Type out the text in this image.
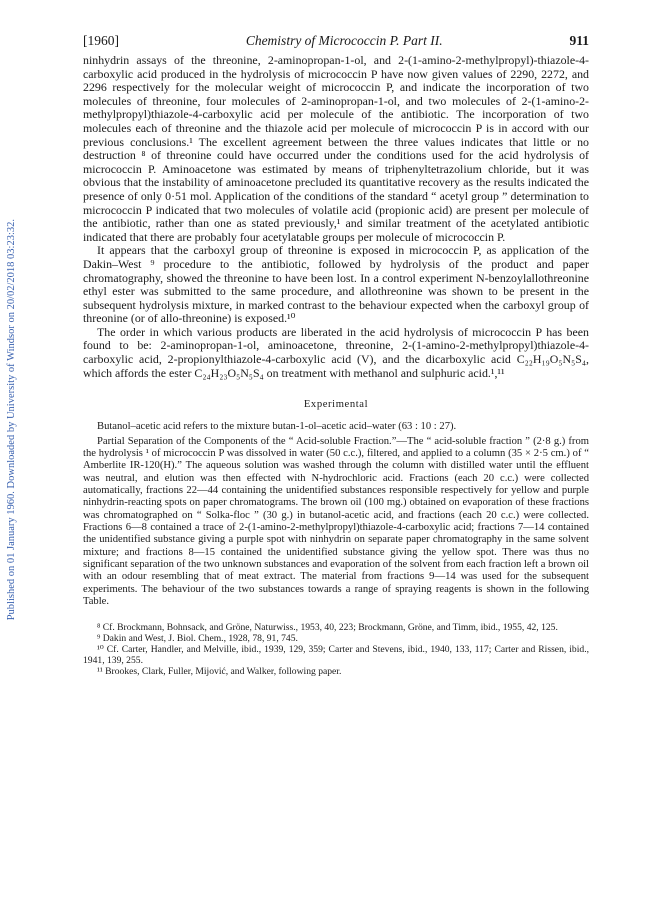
Published on 01 January 1960. Downloaded by University of Windsor on 20/02/2018 03:23:32.
[1960]	Chemistry of Micrococcin P. Part II.	911

ninhydrin assays of the threonine, 2-aminopropan-1-ol, and 2-(1-amino-2-methylpropyl)-thiazole-4-carboxylic acid produced in the hydrolysis of micrococcin P have now given values of 2290, 2272, and 2296 respectively for the molecular weight of micrococcin P, and indicate the incorporation of two molecules of threonine, four molecules of 2-aminopropan-1-ol, and two molecules of 2-(1-amino-2-methylpropyl)thiazole-4-carboxylic acid per molecule of the antibiotic. The incorporation of two molecules each of threonine and the thiazole acid per molecule of micrococcin P is in accord with our previous conclusions.¹ The excellent agreement between the three values indicates that little or no destruction ⁸ of threonine could have occurred under the conditions used for the acid hydrolysis of micrococcin P. Aminoacetone was estimated by means of triphenyltetrazolium chloride, but it was obvious that the instability of aminoacetone precluded its quantitative recovery as the results indicated the presence of only 0·51 mol. Application of the conditions of the standard “ acetyl group ” determination to micrococcin P indicated that two molecules of volatile acid (propionic acid) are present per molecule of the antibiotic, rather than one as stated previously,¹ and similar treatment of the acetylated antibiotic indicated that there are probably four acetylatable groups per molecule of micrococcin P.

It appears that the carboxyl group of threonine is exposed in micrococcin P, as application of the Dakin–West ⁹ procedure to the antibiotic, followed by hydrolysis of the product and paper chromatography, showed the threonine to have been lost. In a control experiment N-benzoylallothreonine ethyl ester was submitted to the same procedure, and allothreonine was shown to be present in the subsequent hydrolysis mixture, in marked contrast to the behaviour expected when the carboxyl group of threonine (or of allo-threonine) is exposed.¹⁰

The order in which various products are liberated in the acid hydrolysis of micrococcin P has been found to be: 2-aminopropan-1-ol, aminoacetone, threonine, 2-(1-amino-2-methylpropyl)thiazole-4-carboxylic acid, 2-propionylthiazole-4-carboxylic acid (V), and the dicarboxylic acid C₂₂H₁₉O₅N₅S₄, which affords the ester C₂₄H₂₃O₅N₅S₄ on treatment with methanol and sulphuric acid.¹,¹¹

Experimental

Butanol–acetic acid refers to the mixture butan-1-ol–acetic acid–water (63 : 10 : 27).

Partial Separation of the Components of the “ Acid-soluble Fraction.”—The “ acid-soluble fraction ” (2·8 g.) from the hydrolysis ¹ of micrococcin P was dissolved in water (50 c.c.), filtered, and applied to a column (35 × 2·5 cm.) of “ Amberlite IR-120(H).” The aqueous solution was washed through the column with distilled water until the effluent was neutral, and elution was then effected with N-hydrochloric acid. Fractions (each 20 c.c.) were collected automatically, fractions 22—44 containing the unidentified substances responsible respectively for yellow and purple ninhydrin-reacting spots on paper chromatograms. The brown oil (100 mg.) obtained on evaporation of these fractions was chromatographed on “ Solka-floc ” (30 g.) in butanol-acetic acid, and fractions (each 20 c.c.) were collected. Fractions 6—8 contained a trace of 2-(1-amino-2-methylpropyl)thiazole-4-carboxylic acid; fractions 7—14 contained the unidentified substance giving a purple spot with ninhydrin on separate paper chromatography in the same solvent mixture; and fractions 8—15 contained the unidentified substance giving the yellow spot. There was thus no significant separation of the two unknown substances and evaporation of the solvent from each fraction left a brown oil with an odour resembling that of meat extract. The material from fractions 9—14 was used for the subsequent experiments. The behaviour of the two substances towards a range of spraying reagents is shown in the following Table.

⁸ Cf. Brockmann, Bohnsack, and Gröne, Naturwiss., 1953, 40, 223; Brockmann, Gröne, and Timm, ibid., 1955, 42, 125.

⁹ Dakin and West, J. Biol. Chem., 1928, 78, 91, 745.

¹⁰ Cf. Carter, Handler, and Melville, ibid., 1939, 129, 359; Carter and Stevens, ibid., 1940, 133, 117; Carter and Rissen, ibid., 1941, 139, 255.

¹¹ Brookes, Clark, Fuller, Mijović, and Walker, following paper.
